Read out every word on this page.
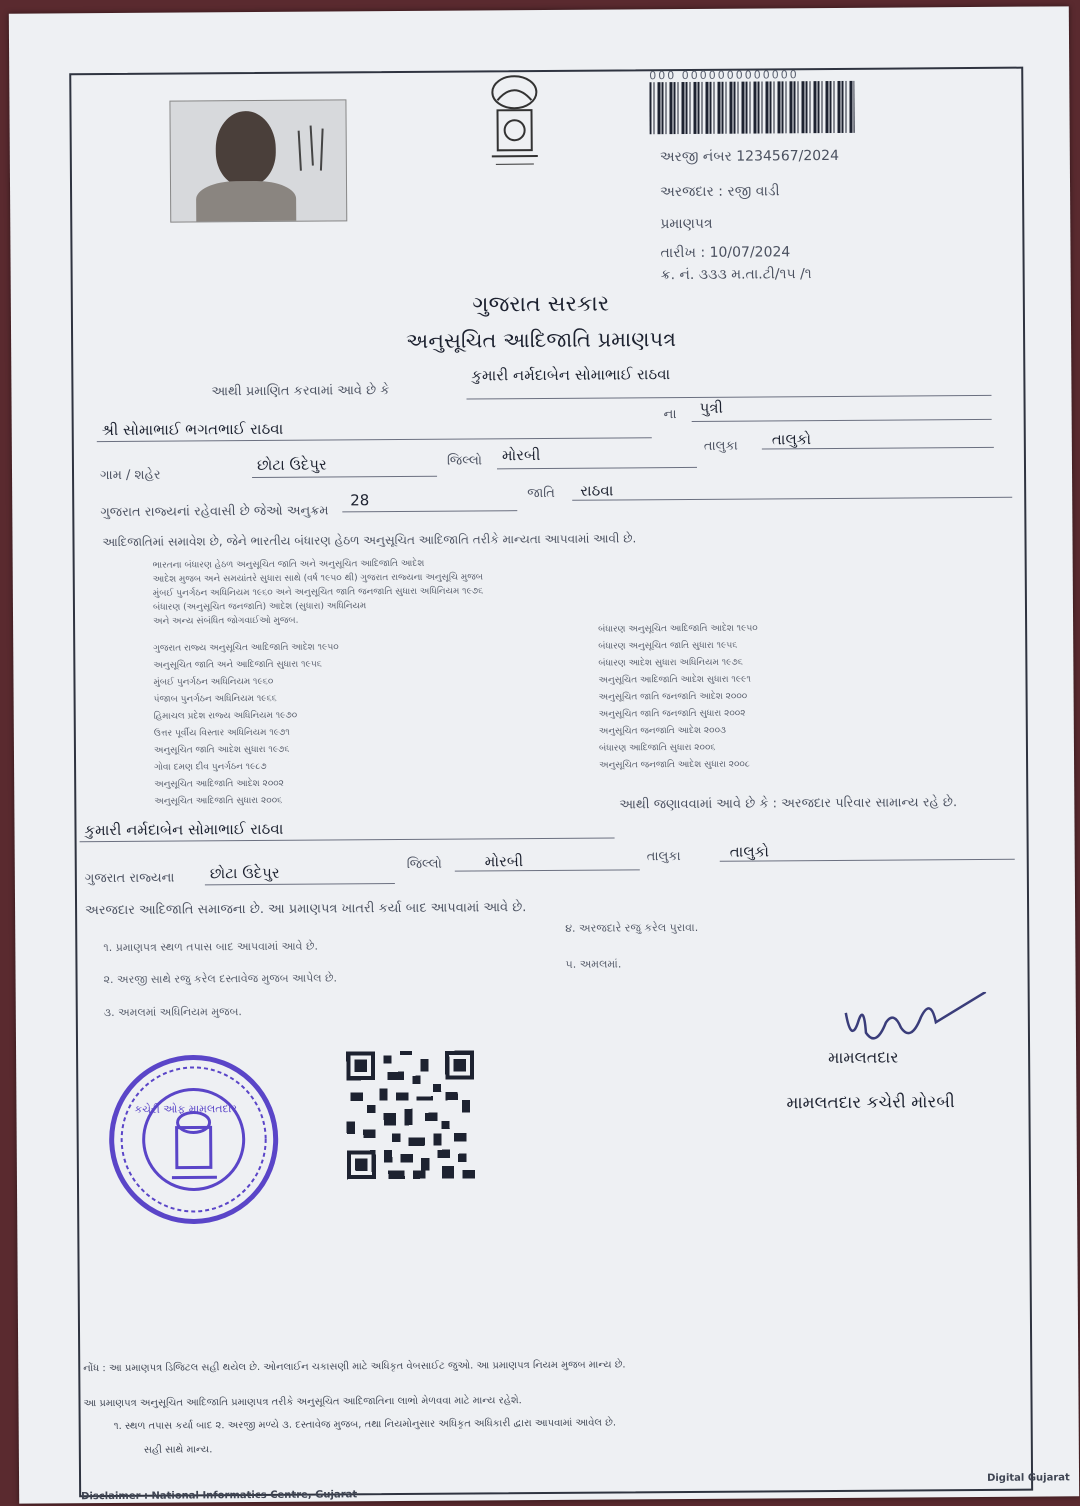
000 0000000000000
અરજી નંબર 1234567/2024
અરજદાર : રજી વાડી
પ્રમાણપત્ર
તારીખ : 10/07/2024
ક્ર. નં. ૩૩૩ મ.તા.ટી/૧૫ /૧
ગુજરાત સરકાર
અનુસૂચિત આદિજાતિ પ્રમાણપત્ર
આથી પ્રમાણિત કરવામાં આવે છે કે
કુમારી નર્મદાબેન સોમાભાઈ રાઠવા
શ્રી સોમાભાઈ ભગતભાઈ રાઠવા
ના પુત્રી
ગામ / શહેર
છોટા ઉદેપુર	જિલ્લો મોરબી	તાલુકા તાલુકો
ગુજરાત રાજ્યનાં રહેવાસી છે જેઓ અનુક્રમ
28	જાતિ રાઠવા
આદિજાતિમાં સમાવેશ છે, જેને ભારતીય બંધારણ હેઠળ અનુસૂચિત આદિજાતિ તરીકે માન્યતા આપવામાં આવી છે.
ભારતના બંધારણ હેઠળ અનુસૂચિત જાતિ અને અનુસૂચિત આદિજાતિ આદેશ
આદેશ મુજબ અને સમયાંતરે સુધારા સાથે (વર્ષ ૧૯૫૦ થી) ગુજરાત રાજ્યના અનુસૂચિ મુજબ
મુંબઈ પુનર્ગઠન અધિનિયમ ૧૯૬૦ અને અનુસૂચિત જાતિ જનજાતિ સુધારા અધિનિયમ ૧૯૭૬
બંધારણ (અનુસૂચિત જનજાતિ) આદેશ (સુધારા) અધિનિયમ
અને અન્ય સંબંધિત જોગવાઈઓ મુજબ.
ગુજરાત રાજ્ય અનુસૂચિત આદિજાતિ આદેશ ૧૯૫૦
અનુસૂચિત જાતિ અને આદિજાતિ સુધારા ૧૯૫૬
મુંબઈ પુનર્ગઠન અધિનિયમ ૧૯૬૦
પંજાબ પુનર્ગઠન અધિનિયમ ૧૯૬૬
હિમાચલ પ્રદેશ રાજ્ય અધિનિયમ ૧૯૭૦
ઉત્તર પૂર્વીય વિસ્તાર અધિનિયમ ૧૯૭૧
અનુસૂચિત જાતિ આદેશ સુધારા ૧૯૭૬
ગોવા દમણ દીવ પુનર્ગઠન ૧૯૮૭
અનુસૂચિત આદિજાતિ આદેશ ૨૦૦૨
અનુસૂચિત આદિજાતિ સુધારા ૨૦૦૬
બંધારણ અનુસૂચિત આદિજાતિ આદેશ ૧૯૫૦
બંધારણ અનુસૂચિત જાતિ સુધારા ૧૯૫૬
બંધારણ આદેશ સુધારા અધિનિયમ ૧૯૭૬
અનુસૂચિત આદિજાતિ આદેશ સુધારા ૧૯૯૧
અનુસૂચિત જાતિ જનજાતિ આદેશ ૨૦૦૦
અનુસૂચિત જાતિ જનજાતિ સુધારા ૨૦૦૨
અનુસૂચિત જનજાતિ આદેશ ૨૦૦૩
બંધારણ આદિજાતિ સુધારા ૨૦૦૬
અનુસૂચિત જનજાતિ આદેશ સુધારા ૨૦૦૮
આથી જણાવવામાં આવે છે કે : અરજદાર પરિવાર સામાન્ય રહે છે.
કુમારી નર્મદાબેન સોમાભાઈ રાઠવા
ગુજરાત રાજ્યના છોટા ઉદેપુર	જિલ્લો	મોરબી	તાલુકા	તાલુકો
અરજદાર આદિજાતિ સમાજના છે. આ પ્રમાણપત્ર ખાતરી કર્યા બાદ આપવામાં આવે છે.
૧. પ્રમાણપત્ર સ્થળ તપાસ બાદ આપવામાં આવે છે.
૨. અરજી સાથે રજુ કરેલ દસ્તાવેજ મુજબ આપેલ છે.
૩. અમલમાં અધિનિયમ મુજબ.
૪. અરજદારે રજુ કરેલ પુરાવા.
૫. અમલમાં.
મામલતદાર
મામલતદાર કચેરી મોરબી
કચેરી ઓફ મામલતદાર
નોંધ : આ પ્રમાણપત્ર ડિજિટલ સહી થયેલ છે. ઓનલાઈન ચકાસણી માટે અધિકૃત વેબસાઈટ જુઓ. આ પ્રમાણપત્ર નિયમ મુજબ માન્ય છે.
આ પ્રમાણપત્ર અનુસૂચિત આદિજાતિ પ્રમાણપત્ર તરીકે અનુસૂચિત આદિજાતિના લાભો મેળવવા માટે માન્ય રહેશે.
૧. સ્થળ તપાસ કર્યા બાદ ૨. અરજી મળ્યે ૩. દસ્તાવેજ મુજબ, તથા નિયમોનુસાર અધિકૃત અધિકારી દ્વારા આપવામાં આવેલ છે.
સહી સાથે માન્ય.
Disclaimer : National Informatics Centre, Gujarat
Digital Gujarat
